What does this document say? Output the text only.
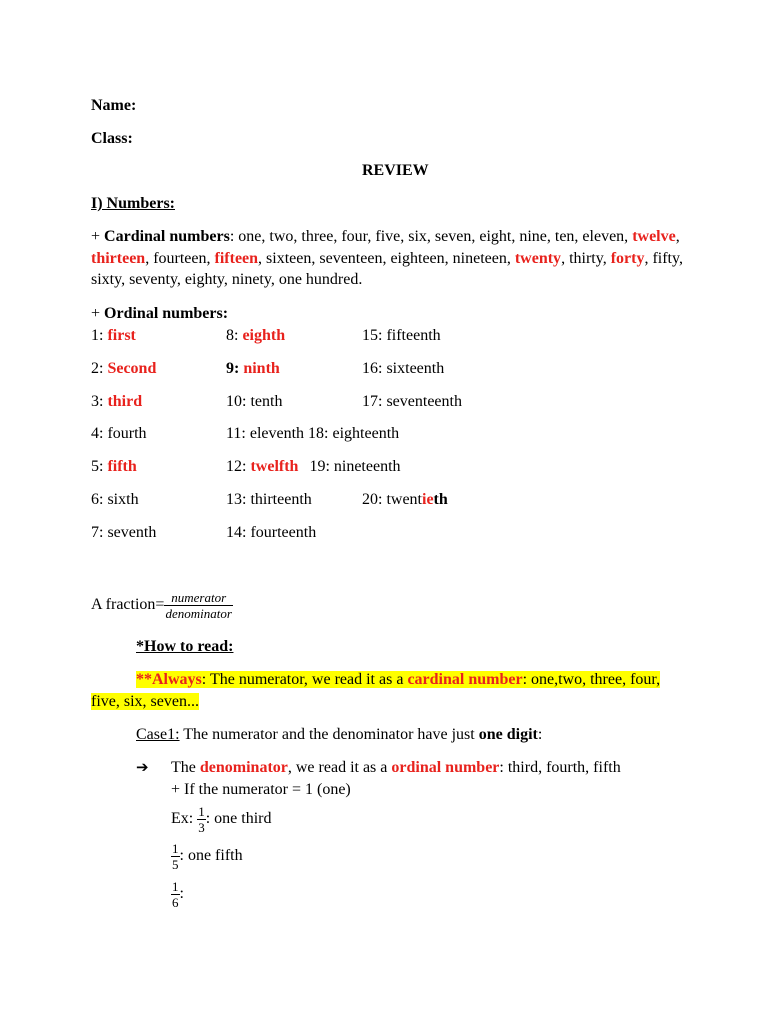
Name:
Class:
REVIEW
I) Numbers:
+ Cardinal numbers: one, two, three, four, five, six, seven, eight, nine, ten, eleven, twelve, thirteen, fourteen, fifteen, sixteen, seventeen, eighteen, nineteen, twenty, thirty, forty, fifty, sixty, seventy, eighty, ninety, one hundred.
+ Ordinal numbers:
1: first	8: eighth	15: fifteenth
2: Second	9: ninth	16: sixteenth
3: third	10: tenth	17: seventeenth
4: fourth	11: eleventh 18: eighteenth
5: fifth	12: twelfth 19: nineteenth
6: sixth	13: thirteenth	20: twentieth
7: seventh	14: fourteenth
A fraction= $\frac{\text{numerator}}{\text{denominator}}$
*How to read:
**Always: The numerator, we read it as a cardinal number: one,two, three, four, five, six, seven...
Case1: The numerator and the denominator have just one digit:
➔ The denominator, we read it as a ordinal number: third, fourth, fifth
+ If the numerator = 1 (one)
Ex: $\frac{1}{3}$ : one third
$\frac{1}{5}$ : one fifth
$\frac{1}{6}$ :
